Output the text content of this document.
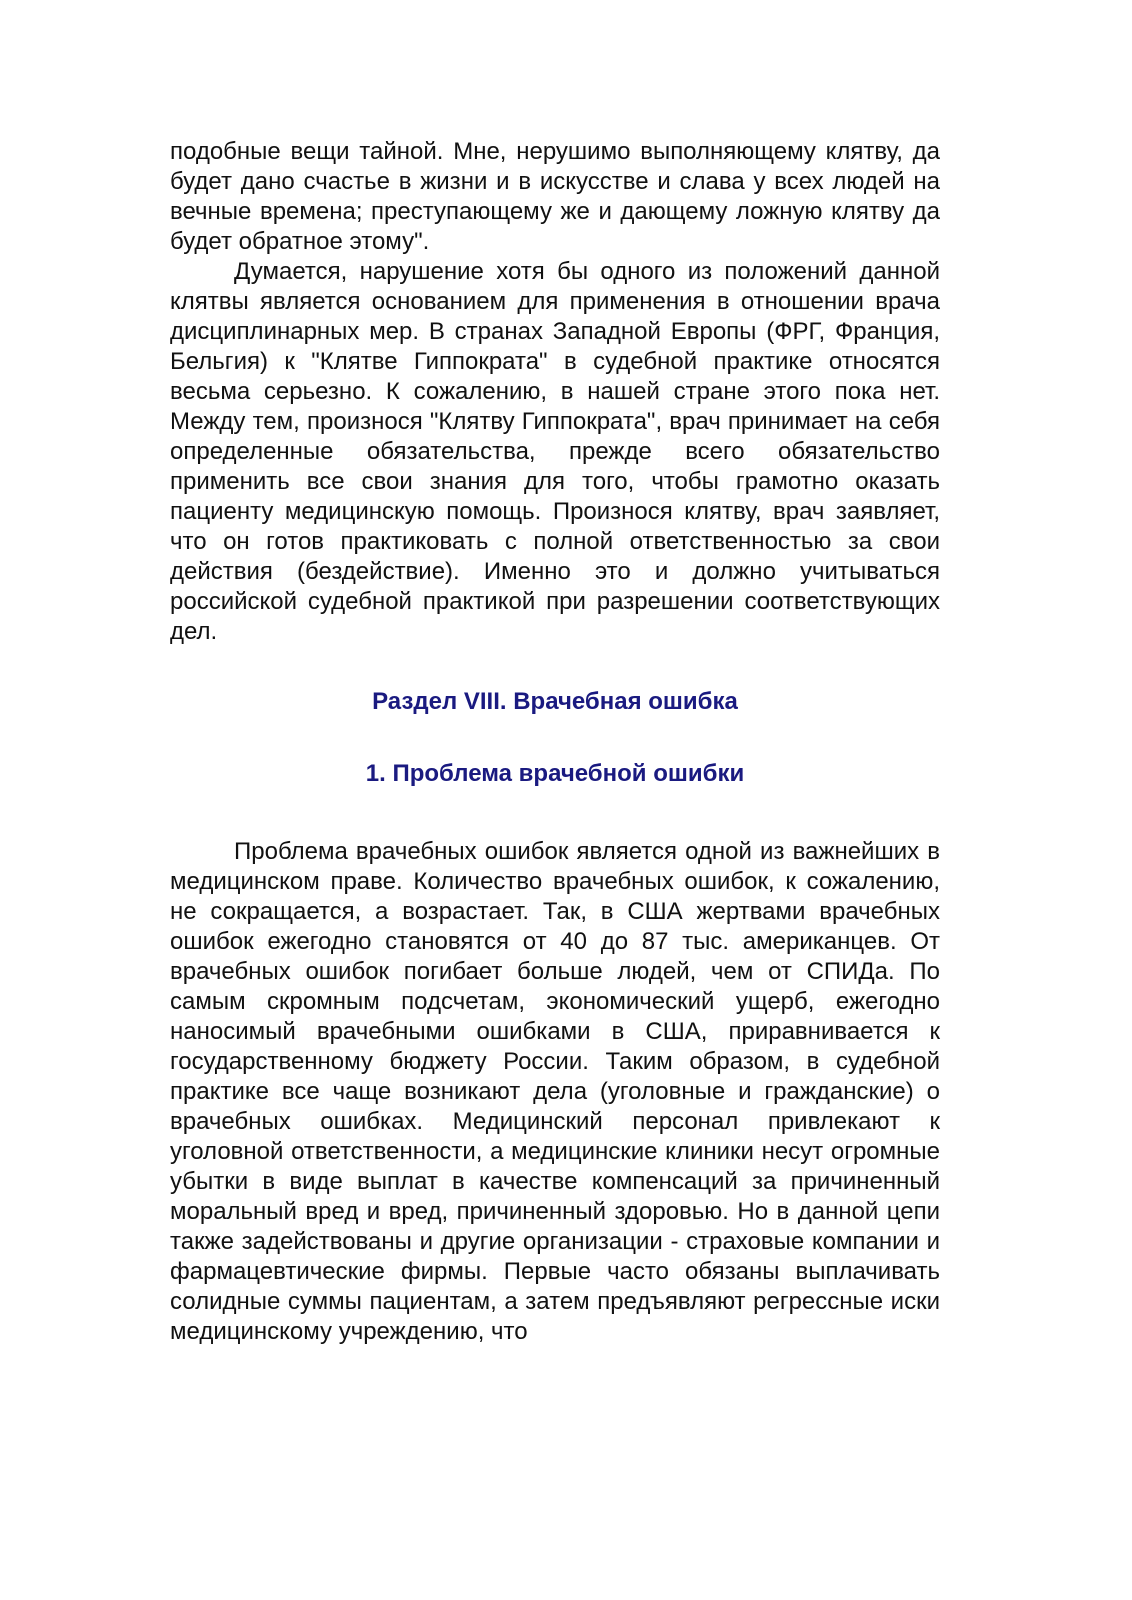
подобные вещи тайной. Мне, нерушимо выполняющему клятву, да будет дано счастье в жизни и в искусстве и слава у всех людей на вечные времена; преступающему же и дающему ложную клятву да будет обратное этому".

Думается, нарушение хотя бы одного из положений данной клятвы является основанием для применения в отношении врача дисциплинарных мер. В странах Западной Европы (ФРГ, Франция, Бельгия) к "Клятве Гиппократа" в судебной практике относятся весьма серьезно. К сожалению, в нашей стране этого пока нет. Между тем, произнося "Клятву Гиппократа", врач принимает на себя определенные обязательства, прежде всего обязательство применить все свои знания для того, чтобы грамотно оказать пациенту медицинскую помощь. Произнося клятву, врач заявляет, что он готов практиковать с полной ответственностью за свои действия (бездействие). Именно это и должно учитываться российской судебной практикой при разрешении соответствующих дел.

Раздел VIII. Врачебная ошибка
1. Проблема врачебной ошибки

Проблема врачебных ошибок является одной из важнейших в медицинском праве. Количество врачебных ошибок, к сожалению, не сокращается, а возрастает. Так, в США жертвами врачебных ошибок ежегодно становятся от 40 до 87 тыс. американцев. От врачебных ошибок погибает больше людей, чем от СПИДа. По самым скромным подсчетам, экономический ущерб, ежегодно наносимый врачебными ошибками в США, приравнивается к государственному бюджету России. Таким образом, в судебной практике все чаще возникают дела (уголовные и гражданские) о врачебных ошибках. Медицинский персонал привлекают к уголовной ответственности, а медицинские клиники несут огромные убытки в виде выплат в качестве компенсаций за причиненный моральный вред и вред, причиненный здоровью. Но в данной цепи также задействованы и другие организации - страховые компании и фармацевтические фирмы. Первые часто обязаны выплачивать солидные суммы пациентам, а затем предъявляют регрессные иски медицинскому учреждению, что
